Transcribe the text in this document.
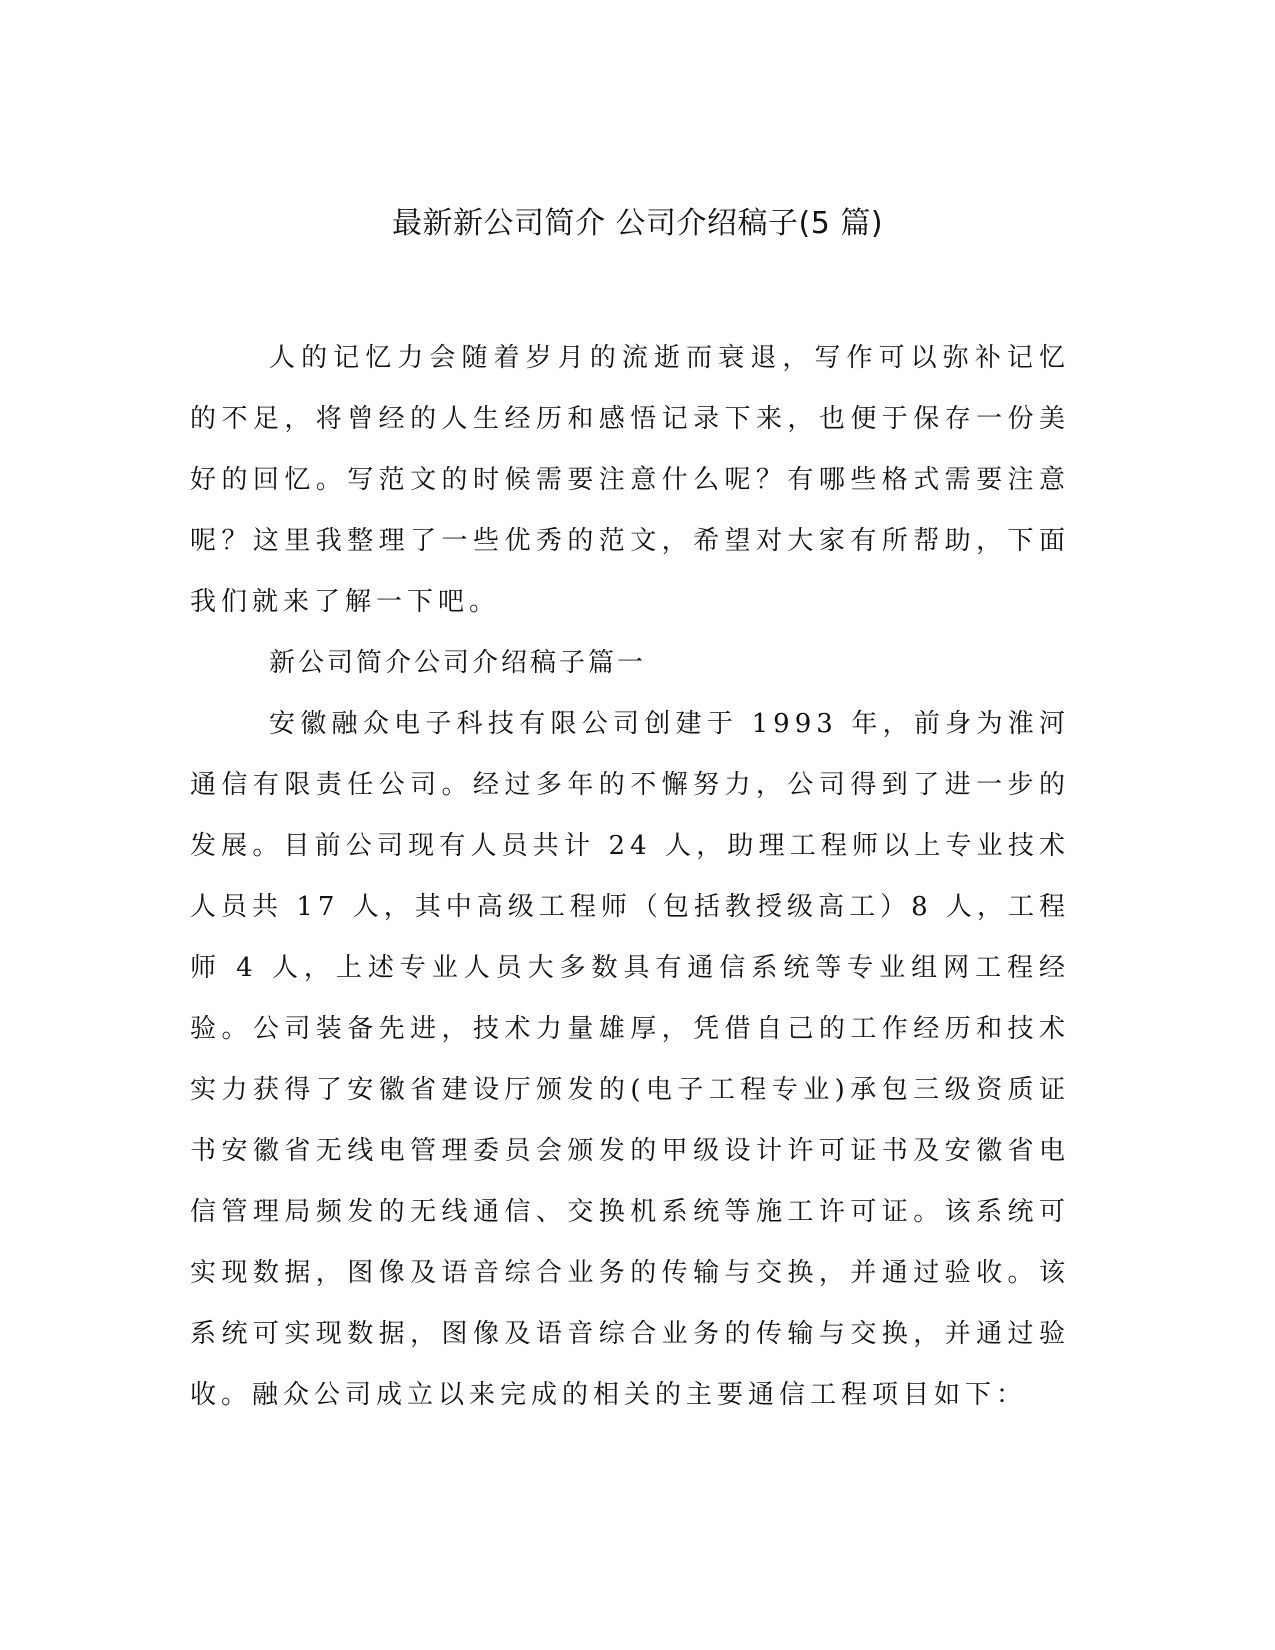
最新新公司简介 公司介绍稿子(5 篇)

人的记忆力会随着岁月的流逝而衰退，写作可以弥补记忆的不足，将曾经的人生经历和感悟记录下来，也便于保存一份美好的回忆。写范文的时候需要注意什么呢？有哪些格式需要注意呢？这里我整理了一些优秀的范文，希望对大家有所帮助，下面我们就来了解一下吧。

新公司简介公司介绍稿子篇一

安徽融众电子科技有限公司创建于 1993 年，前身为淮河通信有限责任公司。经过多年的不懈努力，公司得到了进一步的发展。目前公司现有人员共计 24 人，助理工程师以上专业技术人员共 17 人，其中高级工程师（包括教授级高工）8 人，工程师 4 人，上述专业人员大多数具有通信系统等专业组网工程经验。公司装备先进，技术力量雄厚，凭借自己的工作经历和技术实力获得了安徽省建设厅颁发的(电子工程专业)承包三级资质证书安徽省无线电管理委员会颁发的甲级设计许可证书及安徽省电信管理局频发的无线通信、交换机系统等施工许可证。该系统可实现数据，图像及语音综合业务的传输与交换，并通过验收。该系统可实现数据，图像及语音综合业务的传输与交换，并通过验收。融众公司成立以来完成的相关的主要通信工程项目如下：
